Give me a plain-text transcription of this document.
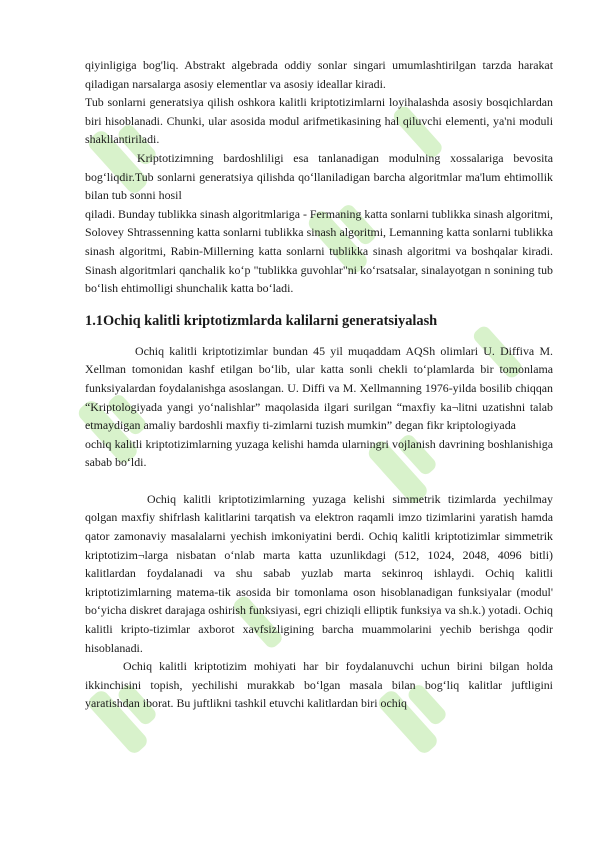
qiyinligiga bog'liq. Abstrakt algebrada oddiy sonlar singari umumlashtirilgan tarzda harakat qiladigan narsalarga asosiy elementlar va asosiy ideallar kiradi.

Tub sonlarni generatsiya qilish oshkora kalitli kriptotizimlarni loyihalashda asosiy bosqichlardan biri hisoblanadi. Chunki, ular asosida modul arifmetikasining hal qiluvchi elementi, ya'ni moduli shakllantiriladi.

Kriptotizimning bardoshliligi esa tanlanadigan modulning xossalariga bevosita bog‘liqdir.Tub sonlarni generatsiya qilishda qo‘llaniladigan barcha algoritmlar ma'lum ehtimollik bilan tub sonni hosil

qiladi. Bunday tublikka sinash algoritmlariga - Fermaning katta sonlarni tublikka sinash algoritmi, Solovey Shtrassenning katta sonlarni tublikka sinash algoritmi, Lemanning katta sonlarni tublikka sinash algoritmi, Rabin-Millerning katta sonlarni tublikka sinash algoritmi va boshqalar kiradi. Sinash algoritmlari qanchalik ko‘p "tublikka guvohlar"ni ko‘rsatsalar, sinalayotgan n sonining tub bo‘lish ehtimolligi shunchalik katta bo‘ladi.

1.1Ochiq kalitli kriptotizmlarda kalilarni generatsiyalash

Ochiq kalitli kriptotizimlar bundan 45 yil muqaddam AQSh olimlari U. Diffiva M. Xellman tomonidan kashf etilgan bo‘lib, ular katta sonli chekli to‘plamlarda bir tomonlama funksiyalardan foydalanishga asoslangan. U. Diffi va M. Xellmanning 1976-yilda bosilib chiqqan “Kriptologiyada yangi yo‘nalishlar” maqolasida ilgari surilgan “maxfiy ka¬litni uzatishni talab etmaydigan amaliy bardoshli maxfiy ti-zimlarni tuzish mumkin” degan fikr kriptologiyada

ochiq kalitli kriptotizimlarning yuzaga kelishi hamda ularningri vojlanish davrining boshlanishiga sabab bo‘ldi.

Ochiq kalitli kriptotizimlarning yuzaga kelishi simmetrik tizimlarda yechilmay qolgan maxfiy shifrlash kalitlarini tarqatish va elektron raqamli imzo tizimlarini yaratish hamda qator zamonaviy masalalarni yechish imkoniyatini berdi. Ochiq kalitli kriptotizimlar simmetrik kriptotizim¬larga nisbatan o‘nlab marta katta uzunlikdagi (512, 1024, 2048, 4096 bitli) kalitlardan foydalanadi va shu sabab yuzlab marta sekinroq ishlaydi. Ochiq kalitli kriptotizimlarning matema-tik asosida bir tomonlama oson hisoblanadigan funksiyalar (modul' bo‘yicha diskret darajaga oshirish funksiyasi, egri chiziqli elliptik funksiya va sh.k.) yotadi. Ochiq kalitli kripto-tizimlar axborot xavfsizligining barcha muammolarini yechib berishga qodir hisoblanadi.

Ochiq kalitli kriptotizim mohiyati har bir foydalanuvchi uchun birini bilgan holda ikkinchisini topish, yechilishi murakkab bo‘lgan masala bilan bog‘liq kalitlar juftligini yaratishdan iborat. Bu juftlikni tashkil etuvchi kalitlardan biri ochiq
